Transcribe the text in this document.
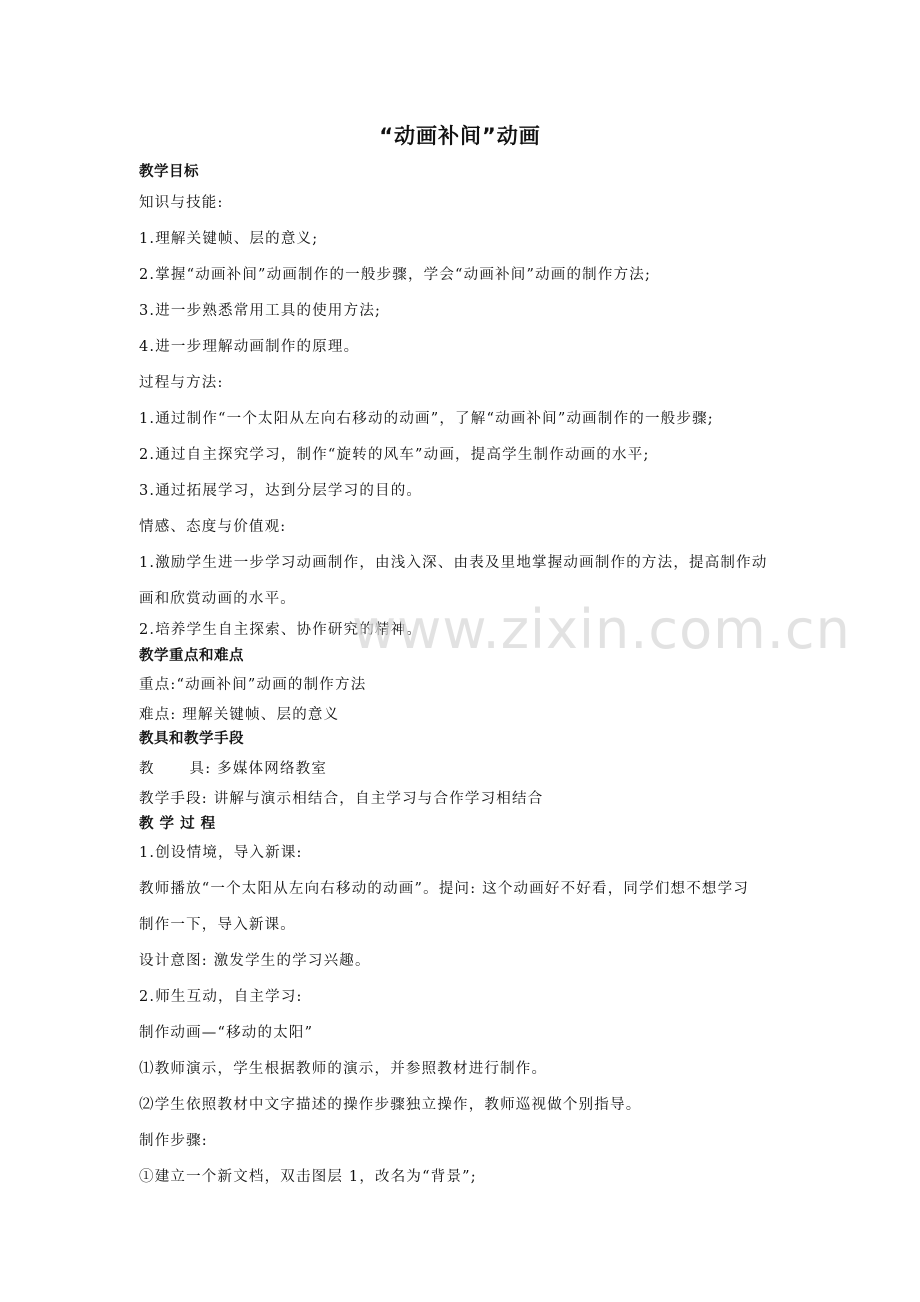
“动画补间”动画
教学目标
知识与技能:
1.理解关键帧、层的意义;
2.掌握“动画补间”动画制作的一般步骤，学会“动画补间”动画的制作方法;
3.进一步熟悉常用工具的使用方法;
4.进一步理解动画制作的原理。
过程与方法:
1.通过制作“一个太阳从左向右移动的动画”，了解“动画补间”动画制作的一般步骤;
2.通过自主探究学习，制作“旋转的风车”动画，提高学生制作动画的水平;
3.通过拓展学习，达到分层学习的目的。
情感、态度与价值观:
1.激励学生进一步学习动画制作，由浅入深、由表及里地掌握动画制作的方法，提高制作动
画和欣赏动画的水平。
2.培养学生自主探索、协作研究的精神。
教学重点和难点
重点:“动画补间”动画的制作方法
难点: 理解关键帧、层的意义
教具和教学手段
教      具: 多媒体网络教室
教学手段: 讲解与演示相结合，自主学习与合作学习相结合
教 学 过 程
1.创设情境，导入新课:
教师播放“一个太阳从左向右移动的动画”。提问: 这个动画好不好看，同学们想不想学习
制作一下，导入新课。
设计意图: 激发学生的学习兴趣。
2.师生互动，自主学习:
制作动画—“移动的太阳”
⑴教师演示，学生根据教师的演示，并参照教材进行制作。
⑵学生依照教材中文字描述的操作步骤独立操作，教师巡视做个别指导。
制作步骤:
①建立一个新文档，双击图层 1，改名为“背景”;
www.zixin.com.cn
